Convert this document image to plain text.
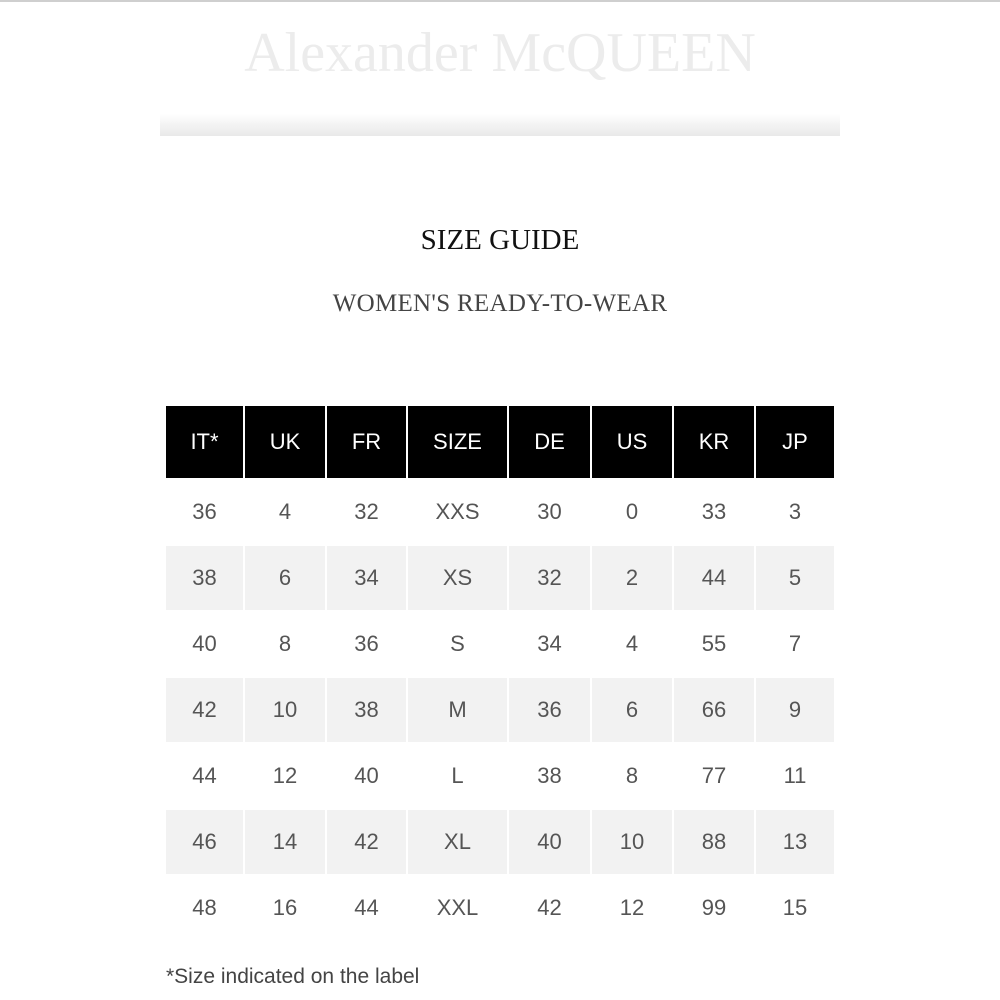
Alexander McQUEEN
SIZE GUIDE
WOMEN'S READY-TO-WEAR
IT*	UK	FR	SIZE	DE	US	KR	JP
36	4	32	XXS	30	0	33	3
38	6	34	XS	32	2	44	5
40	8	36	S	34	4	55	7
42	10	38	M	36	6	66	9
44	12	40	L	38	8	77	11
46	14	42	XL	40	10	88	13
48	16	44	XXL	42	12	99	15
*Size indicated on the label
